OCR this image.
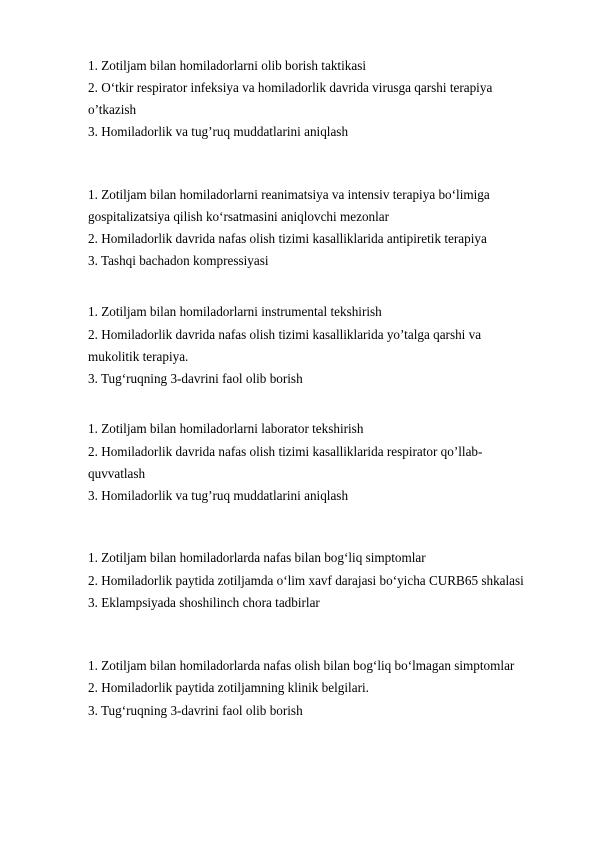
1. Zotiljam bilan homiladorlarni olib borish taktikasi
2. O‘tkir respirator infeksiya va homiladorlik davrida virusga qarshi terapiya
o’tkazish
3. Homiladorlik va tug’ruq muddatlarini aniqlash
1. Zotiljam bilan homiladorlarni reanimatsiya va intensiv terapiya bo‘limiga
gospitalizatsiya qilish ko‘rsatmasini aniqlovchi mezonlar
2. Homiladorlik davrida nafas olish tizimi kasalliklarida antipiretik terapiya
3. Tashqi bachadon kompressiyasi
1. Zotiljam bilan homiladorlarni instrumental tekshirish
2. Homiladorlik davrida nafas olish tizimi kasalliklarida yo’talga qarshi va
mukolitik terapiya.
3. Tug‘ruqning 3-davrini faol olib borish
1. Zotiljam bilan homiladorlarni laborator tekshirish
2. Homiladorlik davrida nafas olish tizimi kasalliklarida respirator qo’llab-
quvvatlash
3. Homiladorlik va tug’ruq muddatlarini aniqlash
1. Zotiljam bilan homiladorlarda nafas bilan bog‘liq simptomlar
2. Homiladorlik paytida zotiljamda o‘lim xavf darajasi bo‘yicha CURB65 shkalasi
3. Eklampsiyada shoshilinch chora tadbirlar
1. Zotiljam bilan homiladorlarda nafas olish bilan bog‘liq bo‘lmagan simptomlar
2. Homiladorlik paytida zotiljamning klinik belgilari.
3. Tug‘ruqning 3-davrini faol olib borish
